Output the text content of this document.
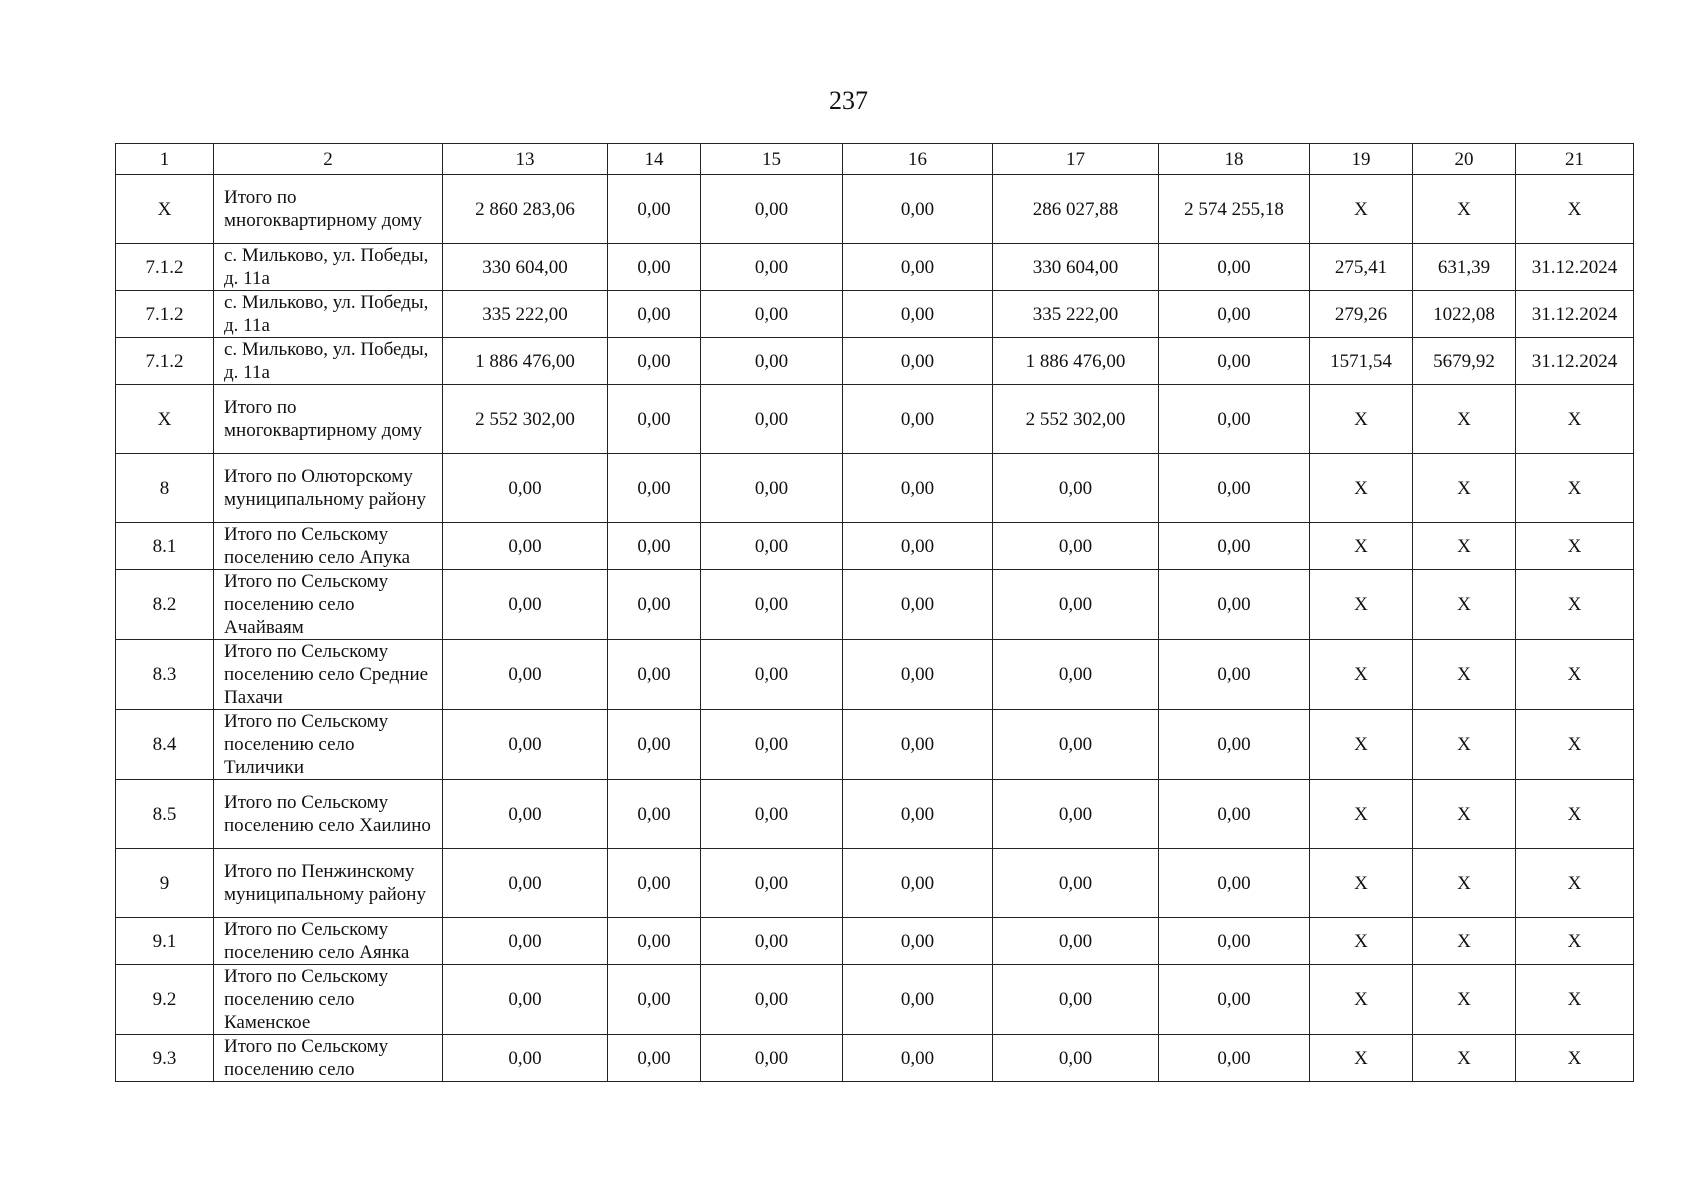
237
1	2	13	14	15	16	17	18	19	20	21
X	Итого по многоквартирному дому	2 860 283,06	0,00	0,00	0,00	286 027,88	2 574 255,18	X	X	X
7.1.2	с. Мильково, ул. Победы, д. 11а	330 604,00	0,00	0,00	0,00	330 604,00	0,00	275,41	631,39	31.12.2024
7.1.2	с. Мильково, ул. Победы, д. 11а	335 222,00	0,00	0,00	0,00	335 222,00	0,00	279,26	1022,08	31.12.2024
7.1.2	с. Мильково, ул. Победы, д. 11а	1 886 476,00	0,00	0,00	0,00	1 886 476,00	0,00	1571,54	5679,92	31.12.2024
X	Итого по многоквартирному дому	2 552 302,00	0,00	0,00	0,00	2 552 302,00	0,00	X	X	X
8	Итого по Олюторскому муниципальному району	0,00	0,00	0,00	0,00	0,00	0,00	X	X	X
8.1	Итого по Сельскому поселению село Апука	0,00	0,00	0,00	0,00	0,00	0,00	X	X	X
8.2	Итого по Сельскому поселению село Ачайваям	0,00	0,00	0,00	0,00	0,00	0,00	X	X	X
8.3	Итого по Сельскому поселению село Средние Пахачи	0,00	0,00	0,00	0,00	0,00	0,00	X	X	X
8.4	Итого по Сельскому поселению село Тиличики	0,00	0,00	0,00	0,00	0,00	0,00	X	X	X
8.5	Итого по Сельскому поселению село Хаилино	0,00	0,00	0,00	0,00	0,00	0,00	X	X	X
9	Итого по Пенжинскому муниципальному району	0,00	0,00	0,00	0,00	0,00	0,00	X	X	X
9.1	Итого по Сельскому поселению село Аянка	0,00	0,00	0,00	0,00	0,00	0,00	X	X	X
9.2	Итого по Сельскому поселению село Каменское	0,00	0,00	0,00	0,00	0,00	0,00	X	X	X
9.3	Итого по Сельскому поселению село	0,00	0,00	0,00	0,00	0,00	0,00	X	X	X
